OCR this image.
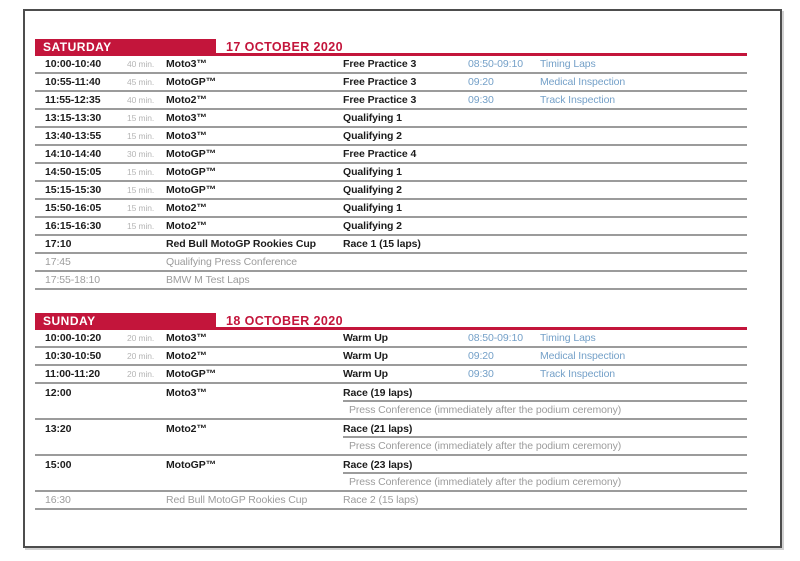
SATURDAY	17 OCTOBER 2020
10:00-10:40	40 min.	Moto3™	Free Practice 3	08:50-09:10	Timing Laps
10:55-11:40	45 min.	MotoGP™	Free Practice 3	09:20	Medical Inspection
11:55-12:35	40 min.	Moto2™	Free Practice 3	09:30	Track Inspection
13:15-13:30	15 min.	Moto3™	Qualifying 1
13:40-13:55	15 min.	Moto3™	Qualifying 2
14:10-14:40	30 min.	MotoGP™	Free Practice 4
14:50-15:05	15 min.	MotoGP™	Qualifying 1
15:15-15:30	15 min.	MotoGP™	Qualifying 2
15:50-16:05	15 min.	Moto2™	Qualifying 1
16:15-16:30	15 min.	Moto2™	Qualifying 2
17:10	Red Bull MotoGP Rookies Cup	Race 1 (15 laps)
17:45	Qualifying Press Conference
17:55-18:10	BMW M Test Laps
SUNDAY	18 OCTOBER 2020
10:00-10:20	20 min.	Moto3™	Warm Up	08:50-09:10	Timing Laps
10:30-10:50	20 min.	Moto2™	Warm Up	09:20	Medical Inspection
11:00-11:20	20 min.	MotoGP™	Warm Up	09:30	Track Inspection
12:00	Moto3™	Race (19 laps)
Press Conference (immediately after the podium ceremony)
13:20	Moto2™	Race (21 laps)
Press Conference (immediately after the podium ceremony)
15:00	MotoGP™	Race (23 laps)
Press Conference (immediately after the podium ceremony)
16:30	Red Bull MotoGP Rookies Cup	Race 2 (15 laps)
